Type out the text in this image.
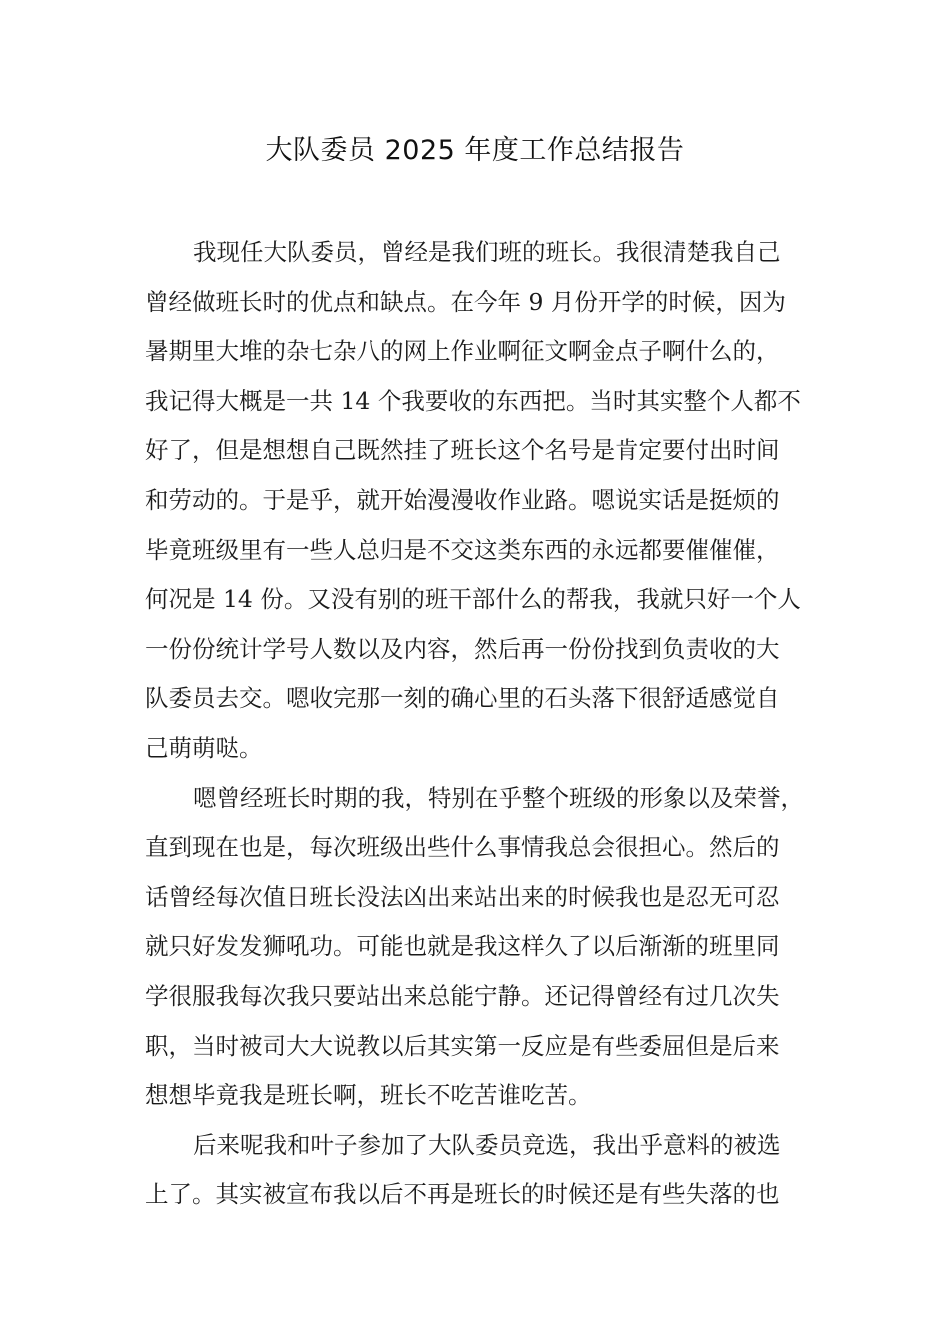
大队委员 2025 年度工作总结报告
我现任大队委员，曾经是我们班的班长。我很清楚我自己
曾经做班长时的优点和缺点。在今年 9 月份开学的时候，因为
暑期里大堆的杂七杂八的网上作业啊征文啊金点子啊什么的，
我记得大概是一共 14 个我要收的东西把。当时其实整个人都不
好了，但是想想自己既然挂了班长这个名号是肯定要付出时间
和劳动的。于是乎，就开始漫漫收作业路。嗯说实话是挺烦的
毕竟班级里有一些人总归是不交这类东西的永远都要催催催，
何况是 14 份。又没有别的班干部什么的帮我，我就只好一个人
一份份统计学号人数以及内容，然后再一份份找到负责收的大
队委员去交。嗯收完那一刻的确心里的石头落下很舒适感觉自
己萌萌哒。
嗯曾经班长时期的我，特别在乎整个班级的形象以及荣誉，
直到现在也是，每次班级出些什么事情我总会很担心。然后的
话曾经每次值日班长没法凶出来站出来的时候我也是忍无可忍
就只好发发狮吼功。可能也就是我这样久了以后渐渐的班里同
学很服我每次我只要站出来总能宁静。还记得曾经有过几次失
职，当时被司大大说教以后其实第一反应是有些委屈但是后来
想想毕竟我是班长啊，班长不吃苦谁吃苦。
后来呢我和叶子参加了大队委员竞选，我出乎意料的被选
上了。其实被宣布我以后不再是班长的时候还是有些失落的也
